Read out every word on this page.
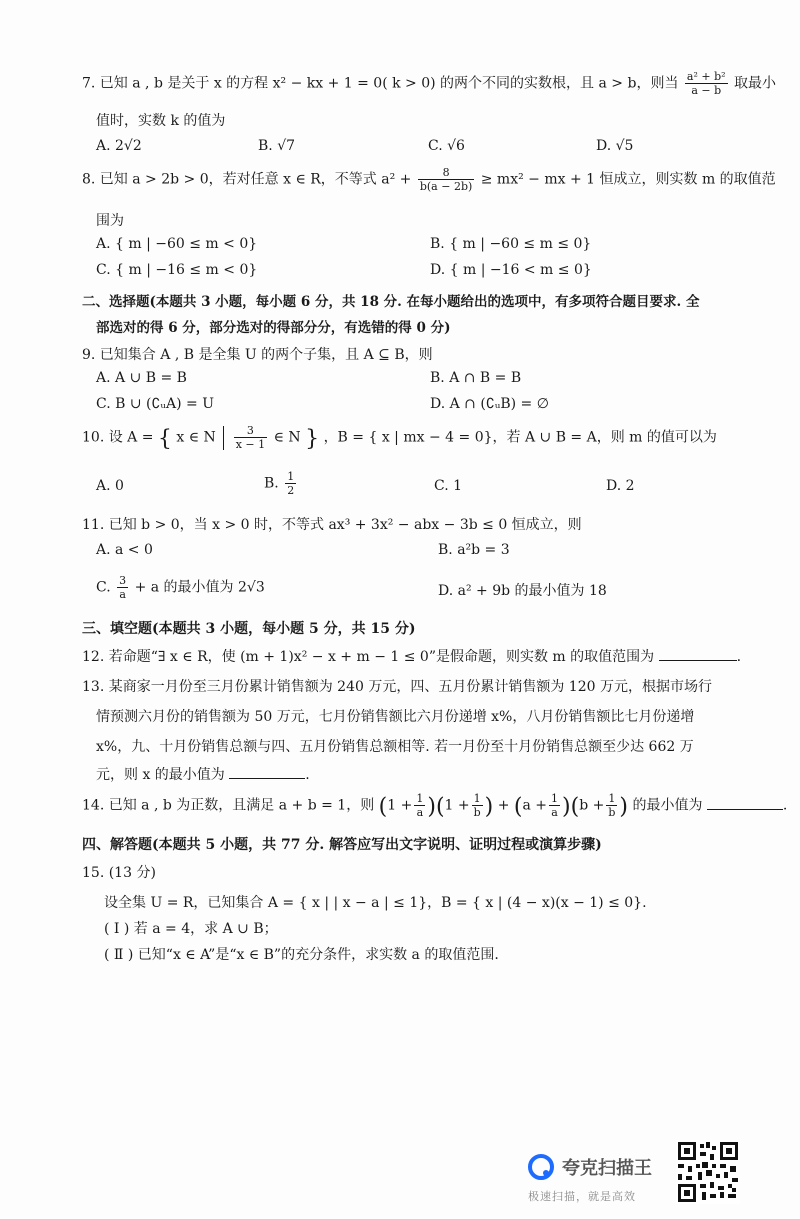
7. 已知 a , b 是关于 x 的方程 x² − kx + 1 = 0( k > 0) 的两个不同的实数根，且 a > b，则当 $\frac{\text{a² + b²}}{a - b}$ 取最小
值时，实数 k 的值为
A. 2√2	B. √7	C. √6	D. √5
8. 已知 a > 2b > 0，若对任意 x ∈ R，不等式 $a^2 + \frac{8}{b(a - 2b)} \ge mx^2$ − mx + 1 恒成立，则实数 m 的取值范
围为
A. { m | −60 ≤ m < 0}	B. { m | −60 ≤ m ≤ 0}
C. { m | −16 ≤ m < 0}	D. { m | −16 < m ≤ 0}
二、选择题(本题共 3 小题，每小题 6 分，共 18 分. 在每小题给出的选项中，有多项符合题目要求. 全
部选对的得 6 分，部分选对的得部分分，有选错的得 0 分)
9. 已知集合 A , B 是全集 U 的两个子集，且 A ⊆ B，则
A. A ∪ B = B	B. A ∩ B = B
C. B ∪ (∁ᵤA) = U	D. A ∩ (∁ᵤB) = ∅
10. 设 A = { x ∈ N $\frac{3}{x - 1}$ ∈ N } ，B = { x | mx − 4 = 0}，若 A ∪ B = A，则 m 的值可以为
A. 0	B. $\frac{1}{2}$	C. 1	D. 2
11. 已知 b > 0，当 x > 0 时，不等式 ax³ + 3x² − abx − 3b ≤ 0 恒成立，则
A. a < 0	B. a²b = 3
C. $\frac{3}{a} + a$ 的最小值为 2√3	D. a² + 9b 的最小值为 18
三、填空题(本题共 3 小题，每小题 5 分，共 15 分)
12. 若命题“∃ x ∈ R，使 (m + 1)x² − x + m − 1 ≤ 0”是假命题，则实数 m 的取值范围为	.
13. 某商家一月份至三月份累计销售额为 240 万元，四、五月份累计销售额为 120 万元，根据市场行
情预测六月份的销售额为 50 万元，七月份销售额比六月份递增 x%，八月份销售额比七月份递增
x%，九、十月份销售总额与四、五月份销售总额相等. 若一月份至十月份销售总额至少达 662 万
元，则 x 的最小值为	.
14. 已知 a , b 为正数，且满足 a + b = 1，则 $(1 + \frac{1}{a} )(1 + \frac{1}{b}$ ) + $(a + \frac{1}{a} )(b + \frac{1}{b}$ ) 的最小值为	.
四、解答题(本题共 5 小题，共 77 分. 解答应写出文字说明、证明过程或演算步骤)
15. (13 分)
设全集 U = R，已知集合 A = { x | | x − a | ≤ 1}，B = { x | (4 − x)(x − 1) ≤ 0}.
( Ⅰ ) 若 a = 4，求 A ∪ B；
( Ⅱ ) 已知“x ∈ A”是“x ∈ B”的充分条件，求实数 a 的取值范围.
夸克扫描王
极速扫描，就是高效
